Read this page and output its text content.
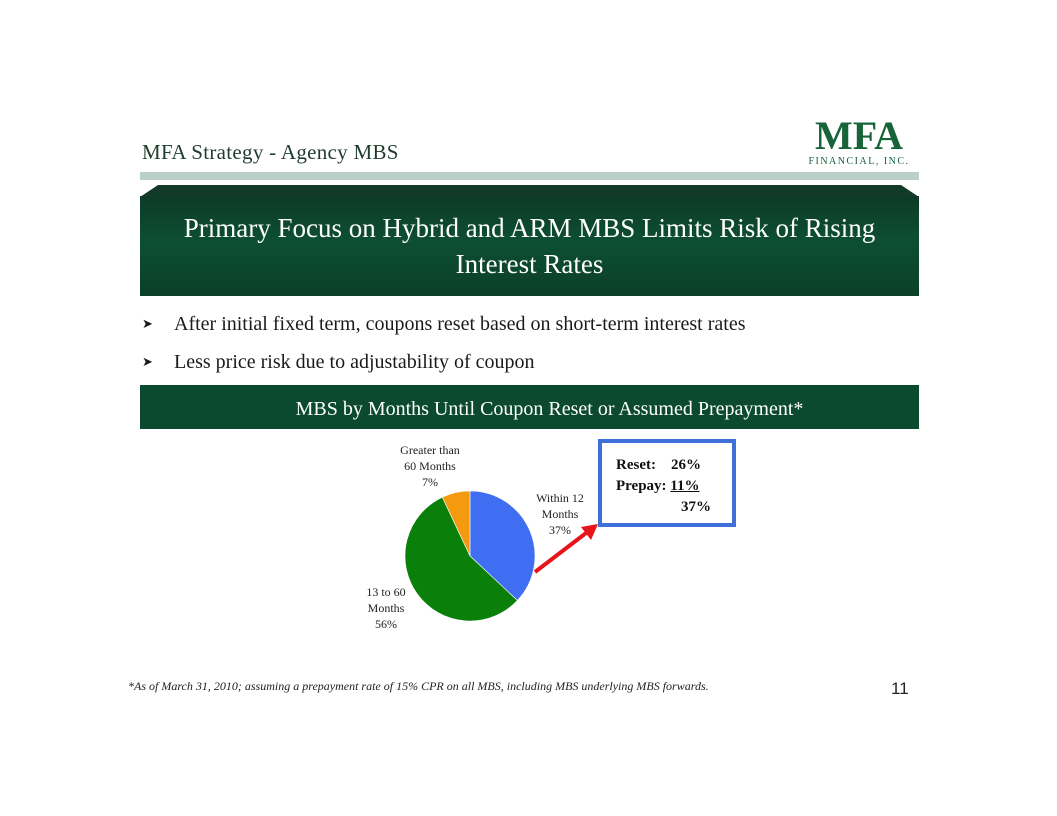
MFA Strategy - Agency MBS	MFA
FINANCIAL, INC.
Primary Focus on Hybrid and ARM MBS Limits Risk of Rising Interest Rates
➤ After initial fixed term, coupons reset based on short-term interest rates
➤ Less price risk due to adjustability of coupon
MBS by Months Until Coupon Reset or Assumed Prepayment*
Within 12 Months 37%
13 to 60 Months 56%
Greater than 60 Months 7%
Reset: 26%
Prepay: 11%
37%
*As of March 31, 2010; assuming a prepayment rate of 15% CPR on all MBS, including MBS underlying MBS forwards.	11
